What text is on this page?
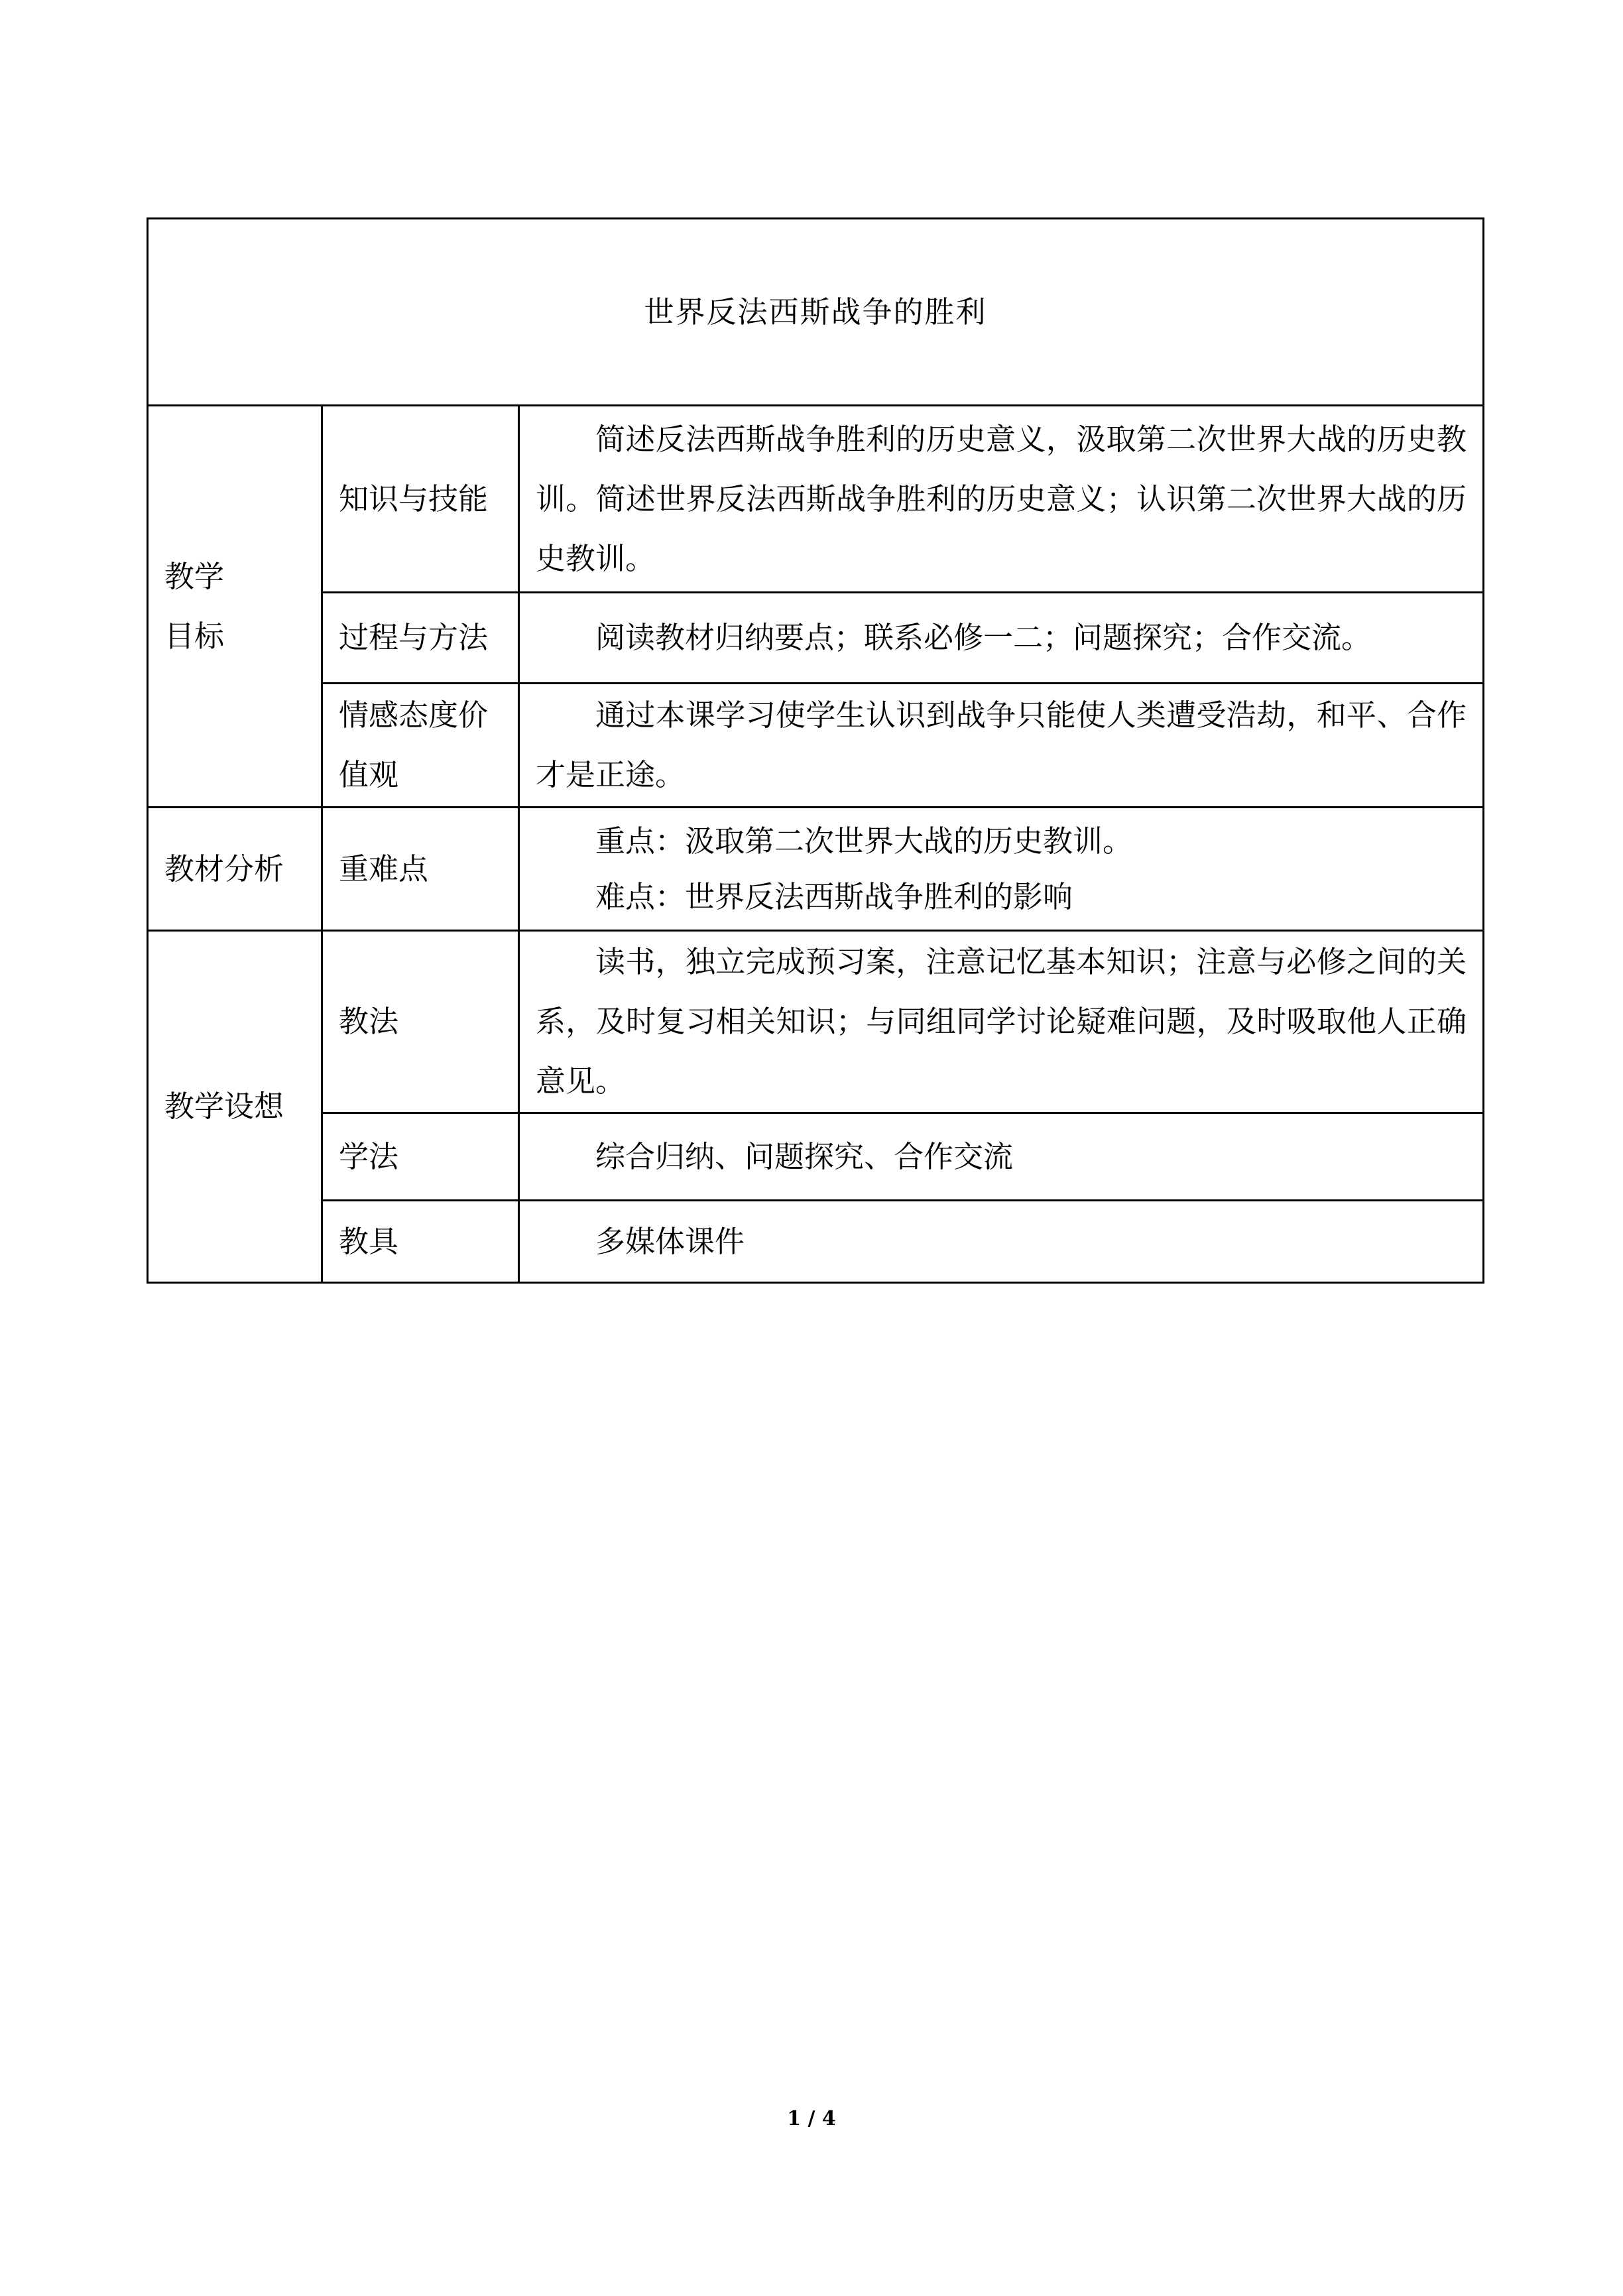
世界反法西斯战争的胜利		

教学
目标	知识与技能	简述反法西斯战争胜利的历史意义，汲取第二次世界大战的历史教训。简述世界反法西斯战争胜利的历史意义；认识第二次世界大战的历史教训。

	过程与方法	阅读教材归纳要点；联系必修一二；问题探究；合作交流。

	情感态度价值观	通过本课学习使学生认识到战争只能使人类遭受浩劫，和平、合作才是正途。

教材分析	重难点	重点：汲取第二次世界大战的历史教训。
难点：世界反法西斯战争胜利的影响

教学设想	教法	读书，独立完成预习案，注意记忆基本知识；注意与必修之间的关系，及时复习相关知识；与同组同学讨论疑难问题，及时吸取他人正确意见。

	学法	综合归纳、问题探究、合作交流

	教具	多媒体课件
1 / 4
